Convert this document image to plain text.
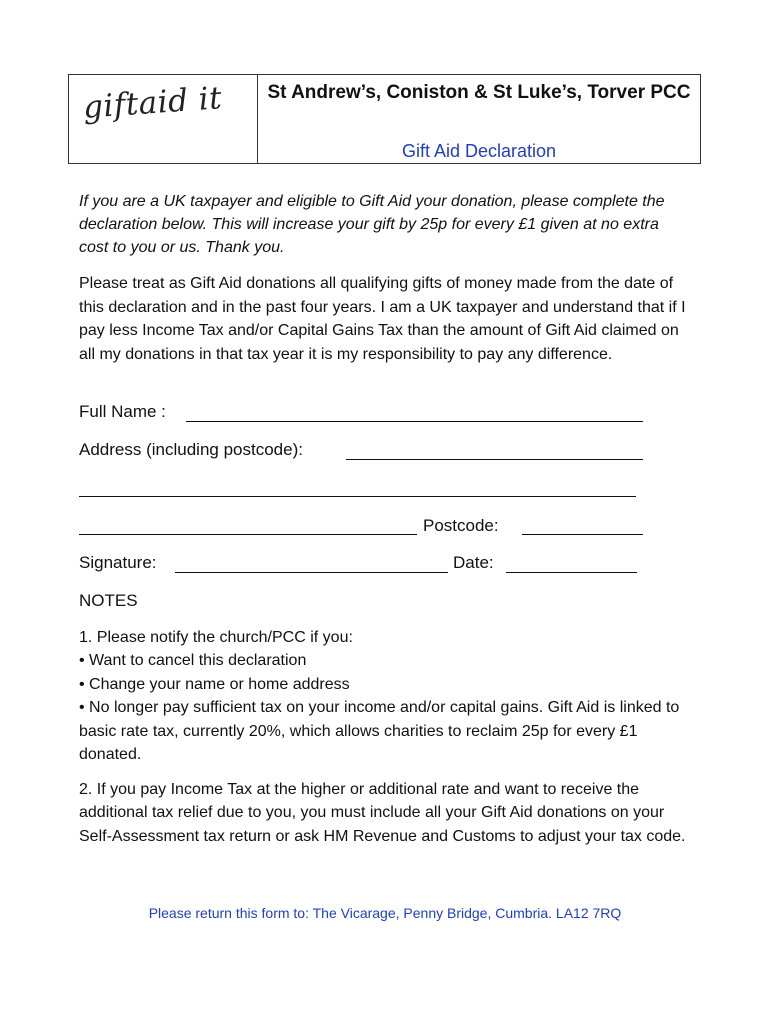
giftaid it St Andrew’s, Coniston & St Luke’s, Torver PCC
Gift Aid Declaration
If you are a UK taxpayer and eligible to Gift Aid your donation, please complete the declaration below. This will increase your gift by 25p for every £1 given at no extra cost to you or us. Thank you.
Please treat as Gift Aid donations all qualifying gifts of money made from the date of this declaration and in the past four years. I am a UK taxpayer and understand that if I pay less Income Tax and/or Capital Gains Tax than the amount of Gift Aid claimed on all my donations in that tax year it is my responsibility to pay any difference.
Full Name :
Address (including postcode):
Postcode:
Signature:	Date:
NOTES

1. Please notify the church/PCC if you:

• Want to cancel this declaration

• Change your name or home address

• No longer pay sufficient tax on your income and/or capital gains. Gift Aid is linked to basic rate tax, currently 20%, which allows charities to reclaim 25p for every £1 donated.

2. If you pay Income Tax at the higher or additional rate and want to receive the additional tax relief due to you, you must include all your Gift Aid donations on your Self-Assessment tax return or ask HM Revenue and Customs to adjust your tax code.
Please return this form to: The Vicarage, Penny Bridge, Cumbria. LA12 7RQ
